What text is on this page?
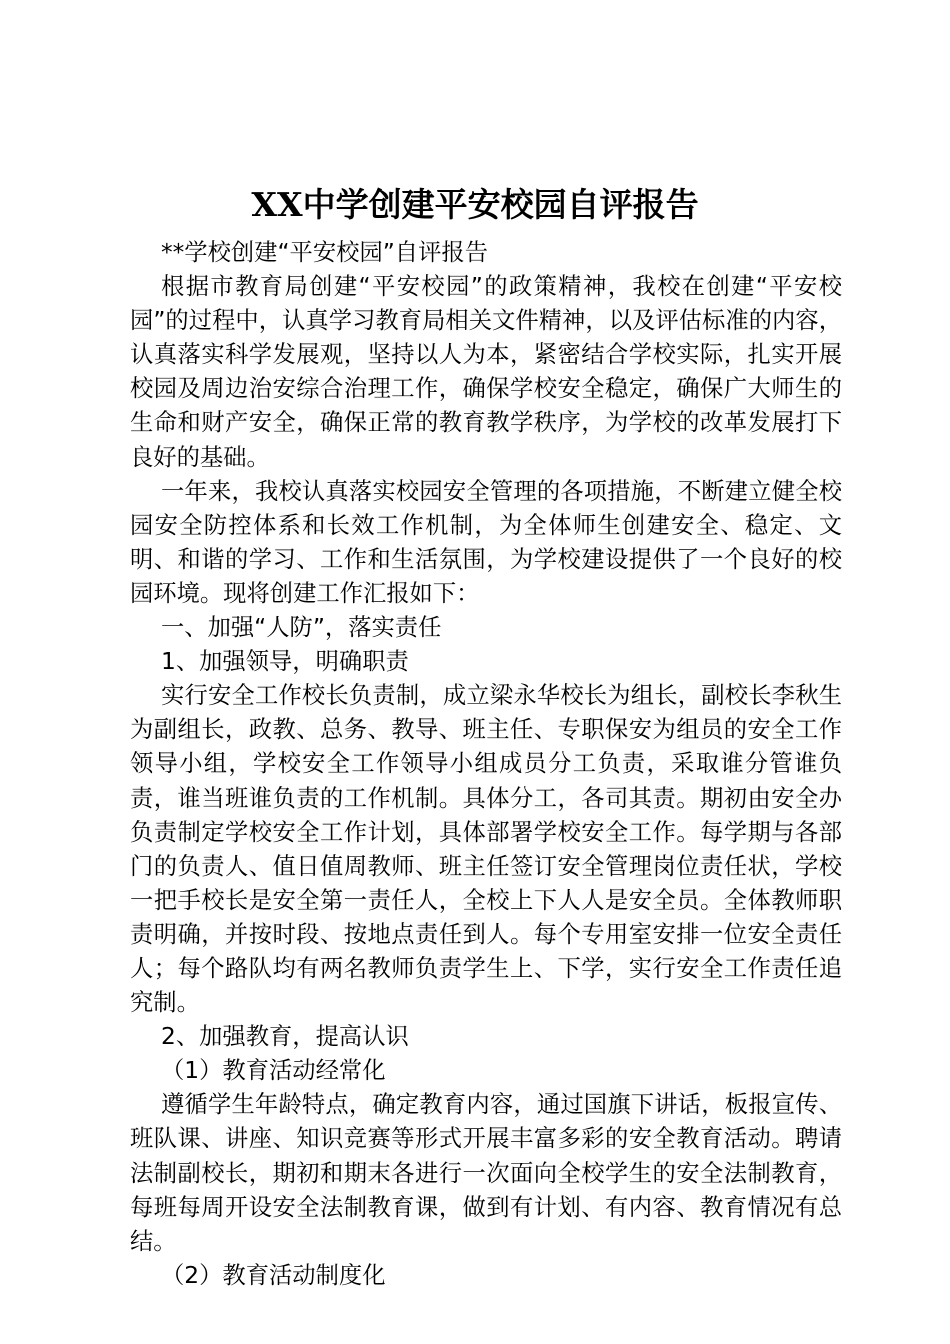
XX中学创建平安校园自评报告

**学校创建“平安校园”自评报告

根据市教育局创建“平安校园”的政策精神，我校在创建“平安校园”的过程中，认真学习教育局相关文件精神，以及评估标准的内容，认真落实科学发展观，坚持以人为本，紧密结合学校实际，扎实开展校园及周边治安综合治理工作，确保学校安全稳定，确保广大师生的生命和财产安全，确保正常的教育教学秩序，为学校的改革发展打下良好的基础。

一年来，我校认真落实校园安全管理的各项措施，不断建立健全校园安全防控体系和长效工作机制，为全体师生创建安全、稳定、文明、和谐的学习、工作和生活氛围，为学校建设提供了一个良好的校园环境。现将创建工作汇报如下：

一、加强“人防”，落实责任

1、加强领导，明确职责

实行安全工作校长负责制，成立梁永华校长为组长，副校长李秋生为副组长，政教、总务、教导、班主任、专职保安为组员的安全工作领导小组，学校安全工作领导小组成员分工负责，采取谁分管谁负责，谁当班谁负责的工作机制。具体分工，各司其责。期初由安全办负责制定学校安全工作计划，具体部署学校安全工作。每学期与各部门的负责人、值日值周教师、班主任签订安全管理岗位责任状，学校一把手校长是安全第一责任人，全校上下人人是安全员。全体教师职责明确，并按时段、按地点责任到人。每个专用室安排一位安全责任人；每个路队均有两名教师负责学生上、下学，实行安全工作责任追究制。

2、加强教育，提高认识

（1）教育活动经常化

遵循学生年龄特点，确定教育内容，通过国旗下讲话，板报宣传、班队课、讲座、知识竞赛等形式开展丰富多彩的安全教育活动。聘请法制副校长，期初和期末各进行一次面向全校学生的安全法制教育，每班每周开设安全法制教育课，做到有计划、有内容、教育情况有总结。

（2）教育活动制度化
